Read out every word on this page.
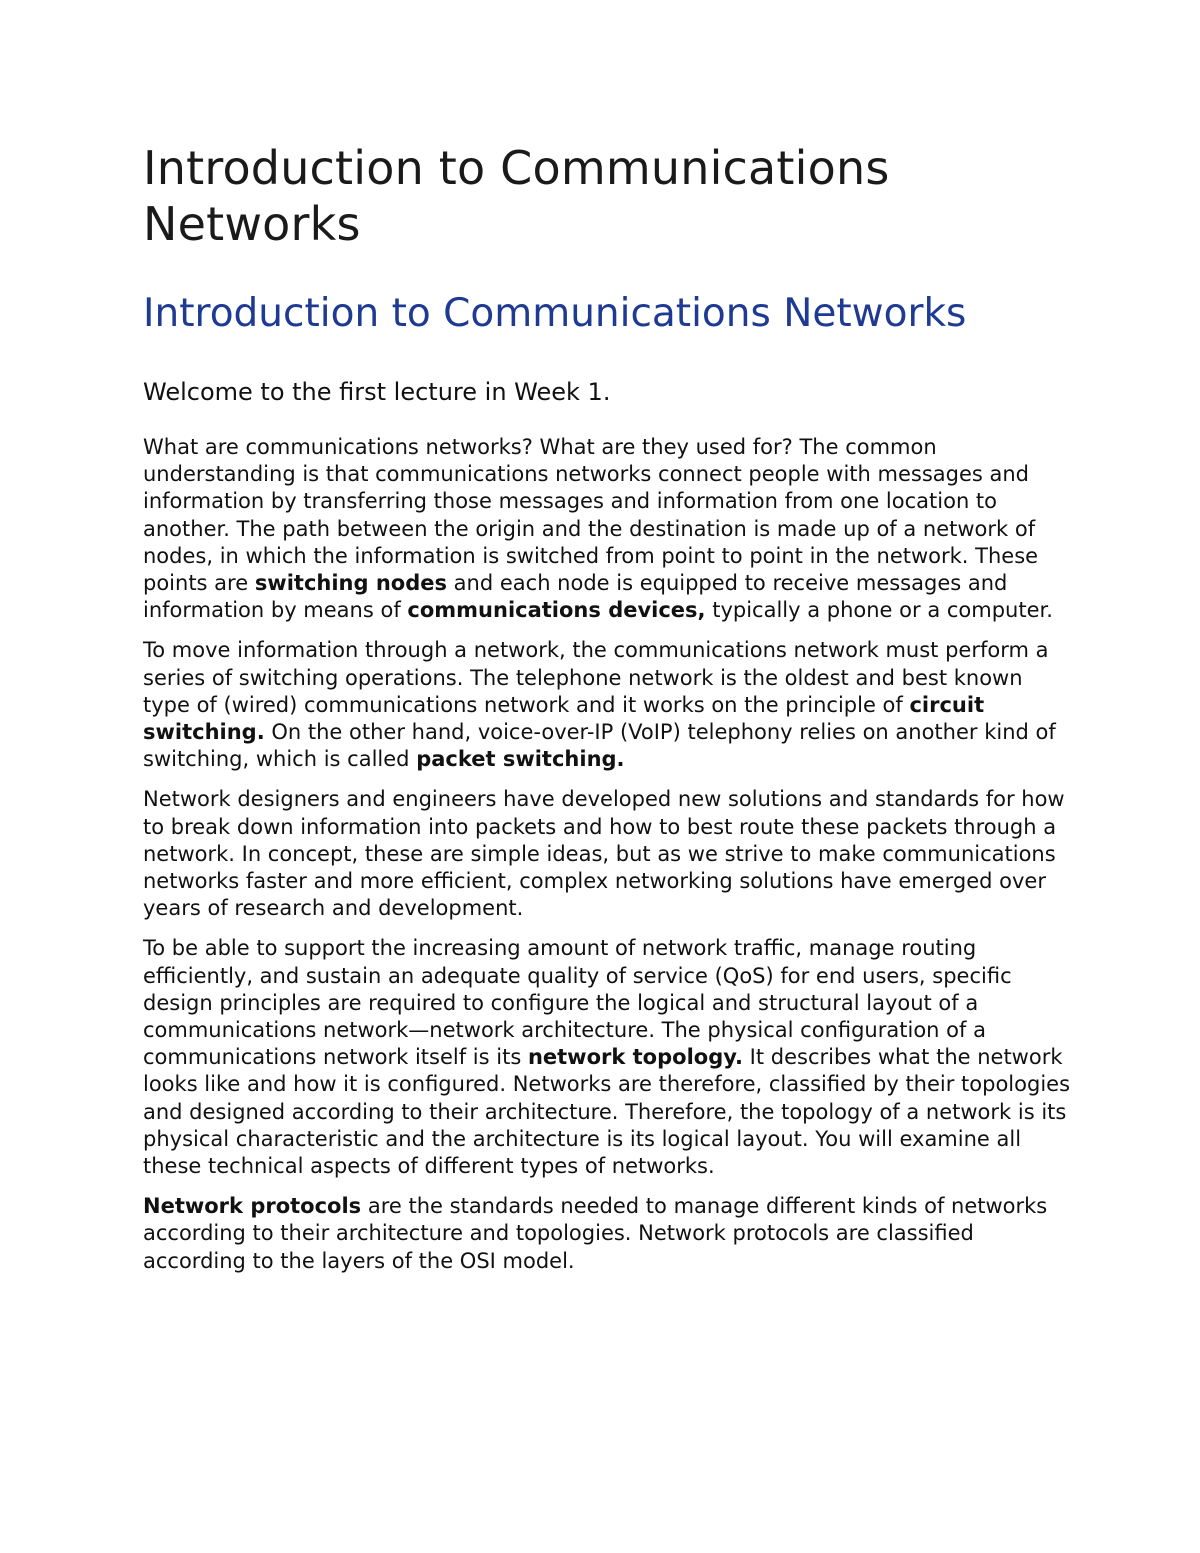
Introduction to Communications Networks
Introduction to Communications Networks
Welcome to the first lecture in Week 1.

What are communications networks? What are they used for? The common understanding is that communications networks connect people with messages and information by transferring those messages and information from one location to another. The path between the origin and the destination is made up of a network of nodes, in which the information is switched from point to point in the network. These points are switching nodes and each node is equipped to receive messages and information by means of communications devices, typically a phone or a computer.

To move information through a network, the communications network must perform a series of switching operations. The telephone network is the oldest and best known type of (wired) communications network and it works on the principle of circuit switching. On the other hand, voice-over-IP (VoIP) telephony relies on another kind of switching, which is called packet switching.

Network designers and engineers have developed new solutions and standards for how to break down information into packets and how to best route these packets through a network. In concept, these are simple ideas, but as we strive to make communications networks faster and more efficient, complex networking solutions have emerged over years of research and development.

To be able to support the increasing amount of network traffic, manage routing efficiently, and sustain an adequate quality of service (QoS) for end users, specific design principles are required to configure the logical and structural layout of a communications network—network architecture. The physical configuration of a communications network itself is its network topology. It describes what the network looks like and how it is configured. Networks are therefore, classified by their topologies and designed according to their architecture. Therefore, the topology of a network is its physical characteristic and the architecture is its logical layout. You will examine all these technical aspects of different types of networks.

Network protocols are the standards needed to manage different kinds of networks according to their architecture and topologies. Network protocols are classified according to the layers of the OSI model.
